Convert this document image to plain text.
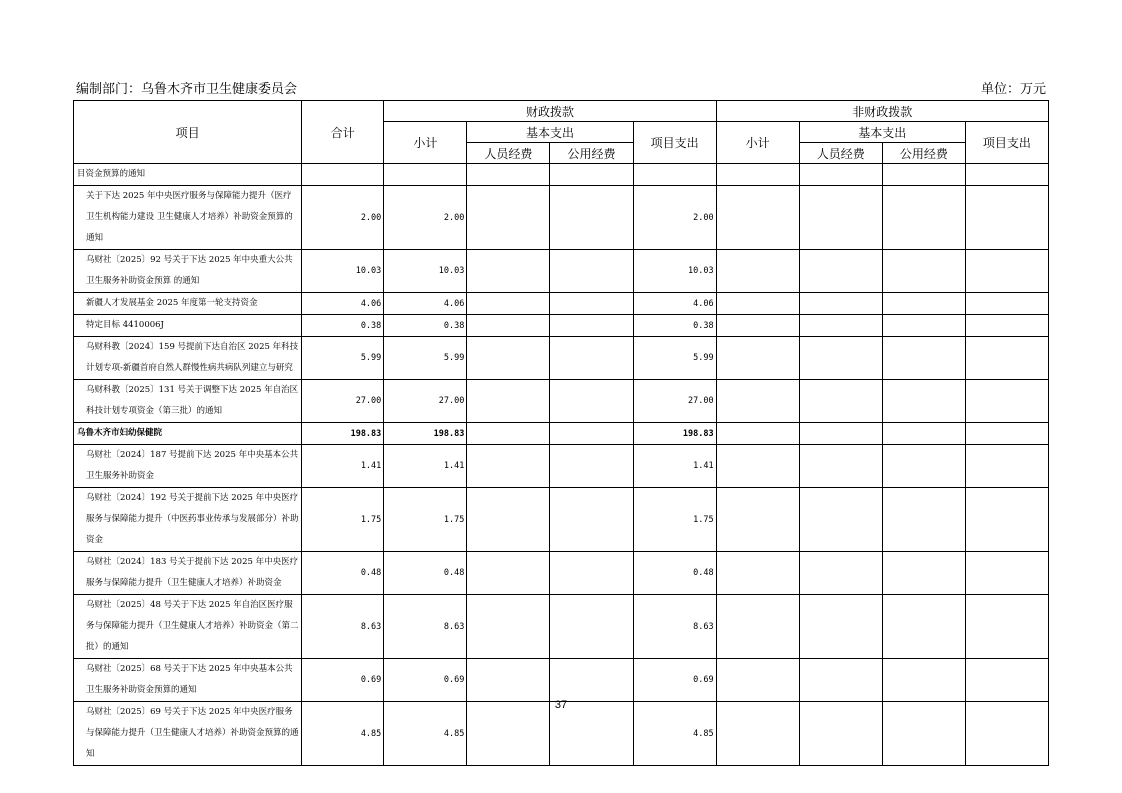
编制部门：乌鲁木齐市卫生健康委员会	单位：万元
项目	合计	财政拨款				非财政拨款			
		小计	基本支出		项目支出	小计	基本支出		项目支出
			人员经费	公用经费			人员经费	公用经费	
目资金预算的通知									
关于下达 2025 年中央医疗服务与保障能力提升（医疗卫生机构能力建设 卫生健康人才培养）补助资金预算的通知	2.00	2.00			2.00				
乌财社〔2025〕92 号关于下达 2025 年中央重大公共卫生服务补助资金预算 的通知	10.03	10.03			10.03				
新疆人才发展基金 2025 年度第一轮支持资金	4.06	4.06			4.06				
特定目标 4410006J	0.38	0.38			0.38				
乌财科教〔2024〕159 号提前下达自治区 2025 年科技计划专项-新疆首府自然人群慢性病共病队列建立与研究	5.99	5.99			5.99				
乌财科教〔2025〕131 号关于调整下达 2025 年自治区科技计划专项资金（第三批）的通知	27.00	27.00			27.00				
乌鲁木齐市妇幼保健院	198.83	198.83			198.83				
乌财社〔2024〕187 号提前下达 2025 年中央基本公共卫生服务补助资金	1.41	1.41			1.41				
乌财社〔2024〕192 号关于提前下达 2025 年中央医疗服务与保障能力提升（中医药事业传承与发展部分）补助资金	1.75	1.75			1.75				
乌财社〔2024〕183 号关于提前下达 2025 年中央医疗服务与保障能力提升（卫生健康人才培养）补助资金	0.48	0.48			0.48				
乌财社〔2025〕48 号关于下达 2025 年自治区医疗服务与保障能力提升（卫生健康人才培养）补助资金（第二批）的通知	8.63	8.63			8.63				
乌财社〔2025〕68 号关于下达 2025 年中央基本公共卫生服务补助资金预算的通知	0.69	0.69			0.69				
乌财社〔2025〕69 号关于下达 2025 年中央医疗服务与保障能力提升（卫生健康人才培养）补助资金预算的通知	4.85	4.85			4.85				
37
